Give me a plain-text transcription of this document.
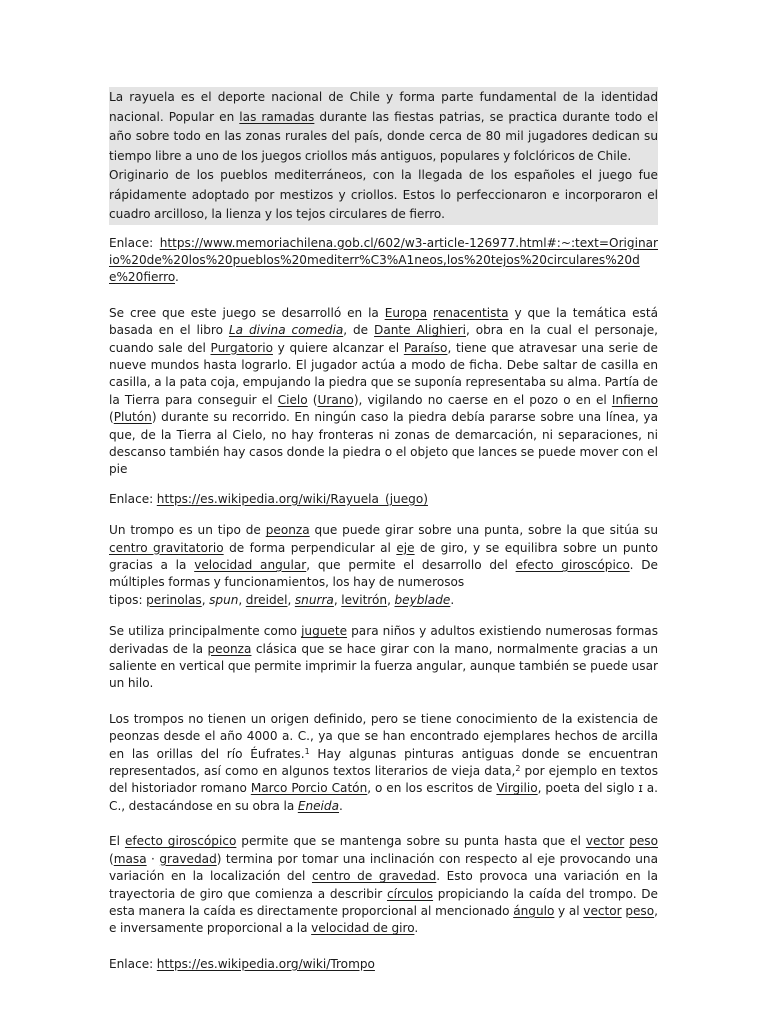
La rayuela es el deporte nacional de Chile y forma parte fundamental de la identidad nacional. Popular en las ramadas durante las fiestas patrias, se practica durante todo el año sobre todo en las zonas rurales del país, donde cerca de 80 mil jugadores dedican su tiempo libre a uno de los juegos criollos más antiguos, populares y folclóricos de Chile.

Originario de los pueblos mediterráneos, con la llegada de los españoles el juego fue rápidamente adoptado por mestizos y criollos. Estos lo perfeccionaron e incorporaron el cuadro arcilloso, la lienza y los tejos circulares de fierro.

Enlace: https://www.memoriachilena.gob.cl/602/w3-article-126977.html#:~:text=Originario%20de%20los%20pueblos%20mediterr%C3%A1neos,los%20tejos%20circulares%20de%20fierro.

Se cree que este juego se desarrolló en la Europa renacentista y que la temática está basada en el libro La divina comedia, de Dante Alighieri, obra en la cual el personaje, cuando sale del Purgatorio y quiere alcanzar el Paraíso, tiene que atravesar una serie de nueve mundos hasta lograrlo. El jugador actúa a modo de ficha. Debe saltar de casilla en casilla, a la pata coja, empujando la piedra que se suponía representaba su alma. Partía de la Tierra para conseguir el Cielo (Urano), vigilando no caerse en el pozo o en el Infierno (Plutón) durante su recorrido. En ningún caso la piedra debía pararse sobre una línea, ya que, de la Tierra al Cielo, no hay fronteras ni zonas de demarcación, ni separaciones, ni descanso también hay casos donde la piedra o el objeto que lances se puede mover con el pie

Enlace: https://es.wikipedia.org/wiki/Rayuela_(juego)

Un trompo es un tipo de peonza que puede girar sobre una punta, sobre la que sitúa su centro gravitatorio de forma perpendicular al eje de giro, y se equilibra sobre un punto gracias a la velocidad angular, que permite el desarrollo del efecto giroscópico. De múltiples formas y funcionamientos, los hay de numerosos
tipos: perinolas, spun, dreidel, snurra, levitrón, beyblade.

Se utiliza principalmente como juguete para niños y adultos existiendo numerosas formas derivadas de la peonza clásica que se hace girar con la mano, normalmente gracias a un saliente en vertical que permite imprimir la fuerza angular, aunque también se puede usar un hilo.

Los trompos no tienen un origen definido, pero se tiene conocimiento de la existencia de peonzas desde el año 4000 a. C., ya que se han encontrado ejemplares hechos de arcilla en las orillas del río Éufrates.$^1$ Hay algunas pinturas antiguas donde se encuentran representados, así como en algunos textos literarios de vieja data,$^2$ por ejemplo en textos del historiador romano Marco Porcio Catón, o en los escritos de Virgilio, poeta del siglo ɪ a. C., destacándose en su obra la Eneida.

El efecto giroscópico permite que se mantenga sobre su punta hasta que el vector peso (masa · gravedad) termina por tomar una inclinación con respecto al eje provocando una variación en la localización del centro de gravedad. Esto provoca una variación en la trayectoria de giro que comienza a describir círculos propiciando la caída del trompo. De esta manera la caída es directamente proporcional al mencionado ángulo y al vector peso, e inversamente proporcional a la velocidad de giro.

Enlace: https://es.wikipedia.org/wiki/Trompo
